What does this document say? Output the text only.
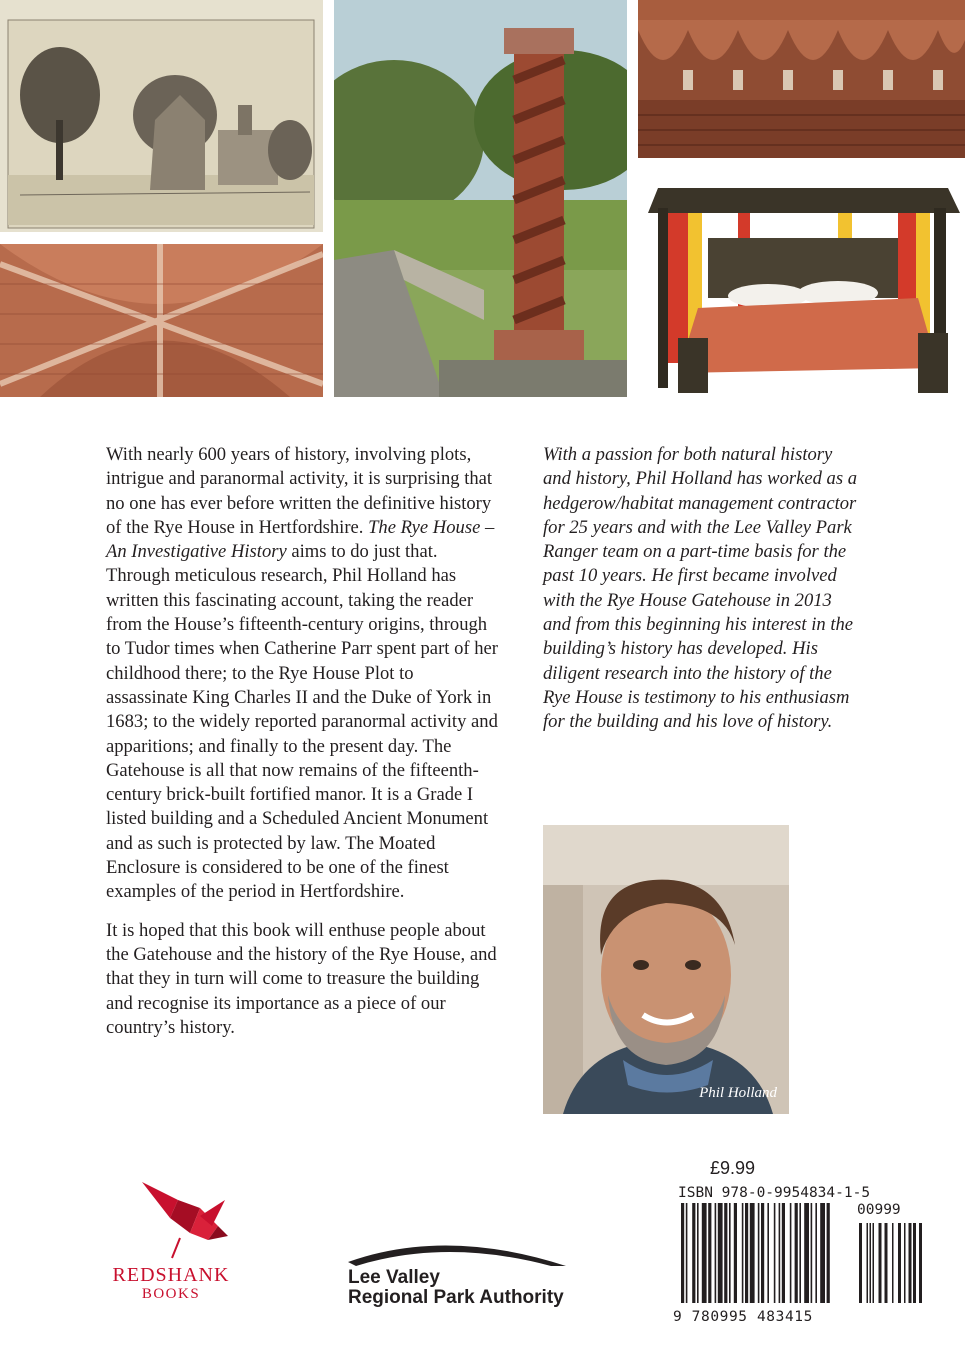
With nearly 600 years of history, involving plots, intrigue and paranormal activity, it is surprising that no one has ever before written the definitive history of the Rye House in Hertfordshire. The Rye House – An Investigative History aims to do just that. Through meticulous research, Phil Holland has written this fascinating account, taking the reader from the House’s fifteenth-century origins, through to Tudor times when Catherine Parr spent part of her childhood there; to the Rye House Plot to assassinate King Charles II and the Duke of York in 1683; to the widely reported paranormal activity and apparitions; and finally to the present day. The Gatehouse is all that now remains of the fifteenth-century brick-built fortified manor. It is a Grade I listed building and a Scheduled Ancient Monument and as such is protected by law. The Moated Enclosure is considered to be one of the finest examples of the period in Hertfordshire.

It is hoped that this book will enthuse people about the Gatehouse and the history of the Rye House, and that they in turn will come to treasure the building and recognise its importance as a piece of our country’s history.

With a passion for both natural history and history, Phil Holland has worked as a hedgerow/habitat management contractor for 25 years and with the Lee Valley Park Ranger team on a part-time basis for the past 10 years. He first became involved with the Rye House Gatehouse in 2013 and from this beginning his interest in the building’s history has developed. His diligent research into the history of the Rye House is testimony to his enthusiasm for the building and his love of history.

Phil Holland
REDSHANK
BOOKS
Lee Valley
Regional Park Authority
£9.99
ISBN 978-0-9954834-1-5
00999
9 780995 483415
